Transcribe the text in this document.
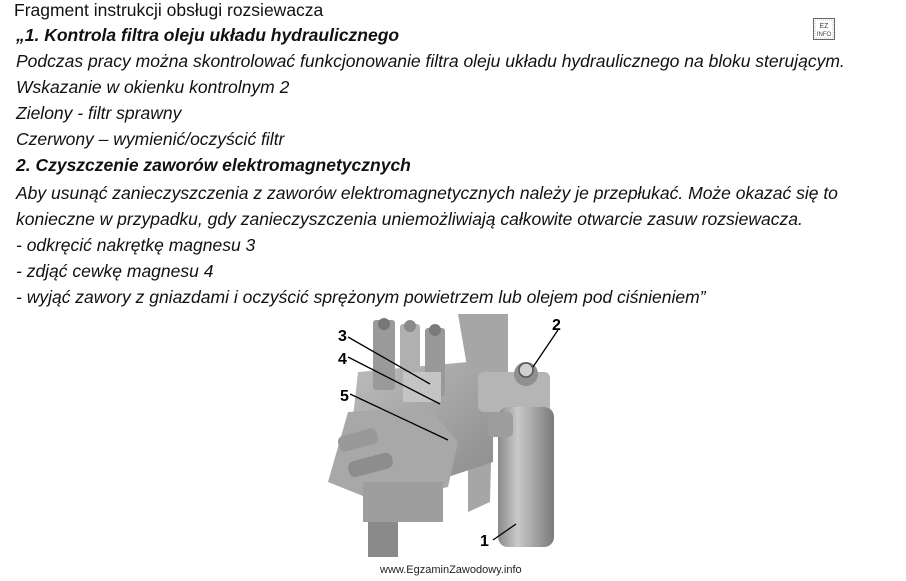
Fragment instrukcji obsługi rozsiewacza
„1. Kontrola filtra oleju układu hydraulicznego
Podczas pracy można skontrolować funkcjonowanie filtra oleju układu hydraulicznego na bloku sterującym.
Wskazanie w okienku kontrolnym 2
Zielony - filtr sprawny
Czerwony – wymienić/oczyścić filtr
2. Czyszczenie zaworów elektromagnetycznych
Aby usunąć zanieczyszczenia z zaworów elektromagnetycznych należy je przepłukać. Może okazać się to
konieczne w przypadku, gdy zanieczyszczenia uniemożliwiają całkowite otwarcie zasuw rozsiewacza.
- odkręcić nakrętkę magnesu 3
- zdjąć cewkę magnesu 4
- wyjąć zawory z gniazdami i oczyścić sprężonym powietrzem lub olejem pod ciśnieniem”
EZ
INFO
3
4
5
2
1
www.EgzaminZawodowy.info
